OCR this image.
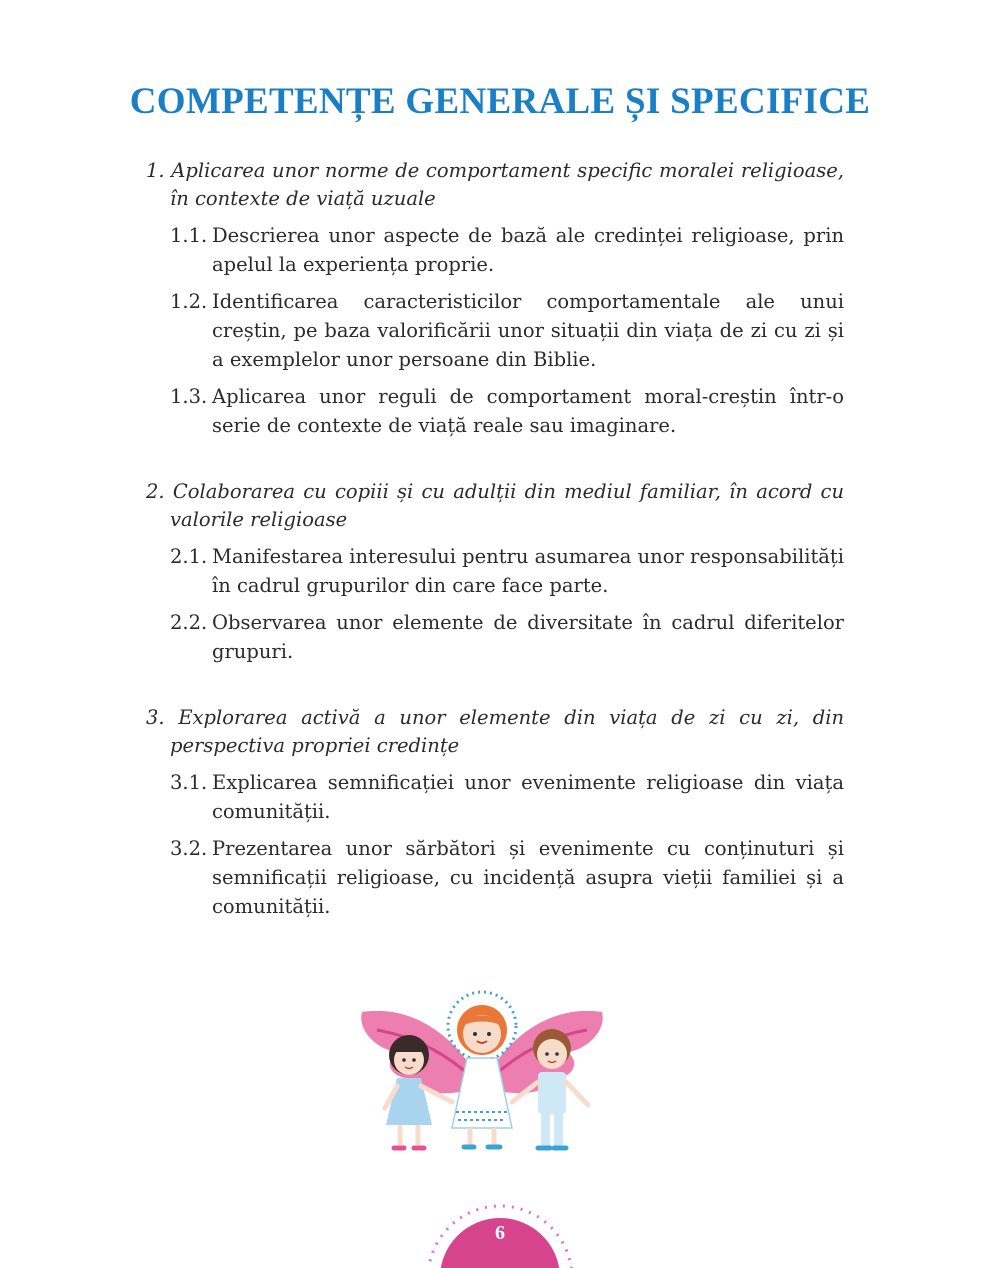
COMPETENȚE GENERALE ȘI SPECIFICE
1. Aplicarea unor norme de comportament specific moralei religioase, în contexte de viață uzuale
1.1. Descrierea unor aspecte de bază ale credinței religioase, prin apelul la experiența proprie.
1.2. Identificarea caracteristicilor comportamentale ale unui creștin, pe baza valorificării unor situații din viața de zi cu zi și a exemplelor unor persoane din Biblie.
1.3. Aplicarea unor reguli de comportament moral-creștin într-o serie de contexte de viață reale sau imaginare.
2. Colaborarea cu copiii și cu adulții din mediul familiar, în acord cu valorile religioase
2.1. Manifestarea interesului pentru asumarea unor responsabilități în cadrul grupurilor din care face parte.
2.2. Observarea unor elemente de diversitate în cadrul diferitelor grupuri.
3. Explorarea activă a unor elemente din viața de zi cu zi, din perspectiva propriei credințe
3.1. Explicarea semnificației unor evenimente religioase din viața comunității.
3.2. Prezentarea unor sărbători și evenimente cu conținuturi și semnificații religioase, cu incidență asupra vieții familiei și a comunității.
6
